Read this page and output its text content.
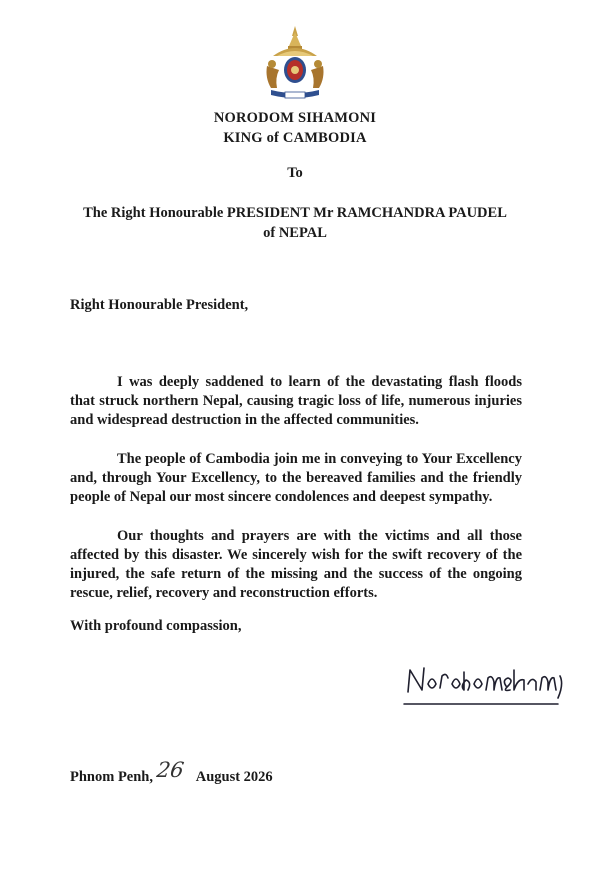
NORODOM SIHAMONI
KING of CAMBODIA
To
The Right Honourable PRESIDENT Mr RAMCHANDRA PAUDEL
of NEPAL
Right Honourable President,
I was deeply saddened to learn of the devastating flash floods that struck northern Nepal, causing tragic loss of life, numerous injuries and widespread destruction in the affected communities.
The people of Cambodia join me in conveying to Your Excellency and, through Your Excellency, to the bereaved families and the friendly people of Nepal our most sincere condolences and deepest sympathy.
Our thoughts and prayers are with the victims and all those affected by this disaster. We sincerely wish for the swift recovery of the injured, the safe return of the missing and the success of the ongoing rescue, relief, recovery and reconstruction efforts.
With profound compassion,
Phnom Penh, 26 August 2026
